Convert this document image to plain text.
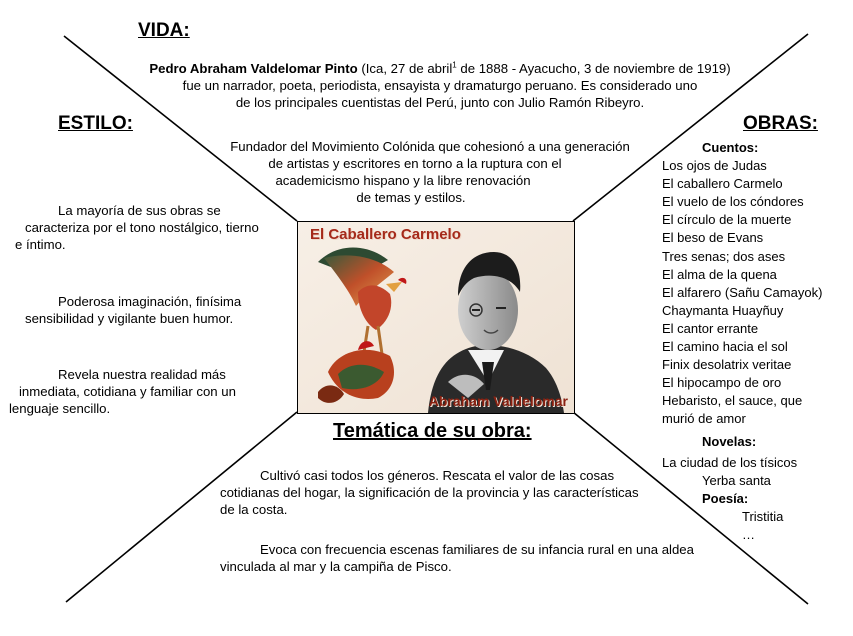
VIDA:

Pedro Abraham Valdelomar Pinto (Ica, 27 de abril$^1$ de 1888 - Ayacucho, 3 de noviembre de 1919)

fue un narrador, poeta, periodista, ensayista y dramaturgo peruano. Es considerado uno

de los principales cuentistas del Perú, junto con Julio Ramón Ribeyro.

Fundador del Movimiento Colónida que cohesionó a una generación

de artistas y escritores en torno a la ruptura con el

academicismo hispano y la libre renovación

de temas y estilos.

ESTILO:

La mayoría de sus obras se

caracteriza por el tono nostálgico, tierno

e íntimo.

Poderosa imaginación, finísima

sensibilidad y vigilante buen humor.

Revela nuestra realidad más

inmediata, cotidiana y familiar con un

lenguaje sencillo.

OBRAS:
Cuentos:
Los ojos de Judas
El caballero Carmelo
El vuelo de los cóndores
El círculo de la muerte
El beso de Evans
Tres senas; dos ases
El alma de la quena
El alfarero (Sañu Camayok)
Chaymanta Huayñuy
El cantor errante
El camino hacia el sol
Finix desolatrix veritae
El hipocampo de oro
Hebaristo, el sauce, que
murió de amor
Novelas:
La ciudad de los tísicos
Yerba santa
Poesía:
Tristitia
…
El Caballero Carmelo
Abraham Valdelomar
Temática de su obra:

Cultivó casi todos los géneros. Rescata el valor de las cosas

cotidianas del hogar, la significación de la provincia y las características

de la costa.

Evoca con frecuencia escenas familiares de su infancia rural en una aldea

vinculada al mar y la campiña de Pisco.
